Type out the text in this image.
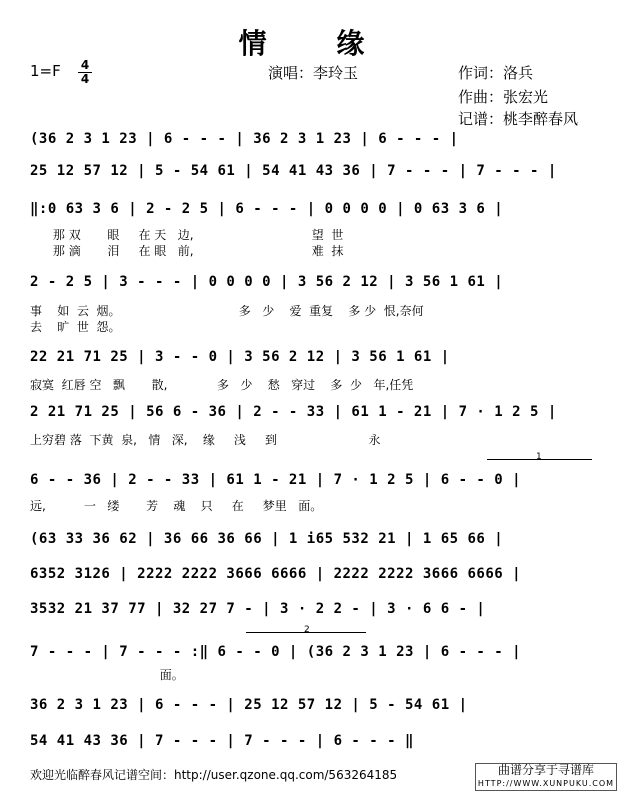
情 缘
1=F 4
4	演唱：李玲玉	作词：洛兵
作曲：张宏光
记谱：桃李醉春风
(36 2 3 1 23 | 6 - - - | 36 2 3 1 23 | 6 - - - |
25 12 57 12 | 5 - 54 61 | 54 41 43 36 | 7 - - - | 7 - - - |
‖:0 63 3 6 | 2 - 2 5 | 6 - - - | 0 0 0 0 | 0 63 3 6 |
那 双       眼     在 天   边,                               望  世
那 滴       泪     在 眼   前,                               难  抹
2 - 2 5 | 3 - - - | 0 0 0 0 | 3 56 2 12 | 3 56 1 61 |
事    如  云  烟。                               多   少    爱  重复    多 少  恨,奈何
去    旷  世  怨。
22 21 71 25 | 3 - - 0 | 3 56 2 12 | 3 56 1 61 |
寂寞  红唇 空   飘       散,             多   少    愁   穿过    多  少   年,任凭
2 21 71 25 | 56 6 - 36 | 2 - - 33 | 61 1 - 21 | 7 · 1 2 5 |
上穷碧 落  下黄  泉,   情   深,    缘     浅     到                        永
1
6 - - 36 | 2 - - 33 | 61 1 - 21 | 7 · 1 2 5 | 6 - - 0 |
远,          一   缕       芳    魂    只     在     梦里   面。
(63 33 36 62 | 36 66 36 66 | 1 i65 532 21 | 1 65 66 |
6352 3126 | 2222 2222 3666 6666 | 2222 2222 3666 6666 |
3532 21 37 77 | 32 27 7 - | 3 · 2 2 - | 3 · 6 6 - |
2
7 - - - | 7 - - - :‖ 6 - - 0 | (36 2 3 1 23 | 6 - - - |
面。
36 2 3 1 23 | 6 - - - | 25 12 57 12 | 5 - 54 61 |
54 41 43 36 | 7 - - - | 7 - - - | 6 - - - ‖
欢迎光临醉春风记谱空间：http://user.qzone.qq.com/563264185	曲谱分享于寻谱库
HTTP://WWW.XUNPUKU.COM
